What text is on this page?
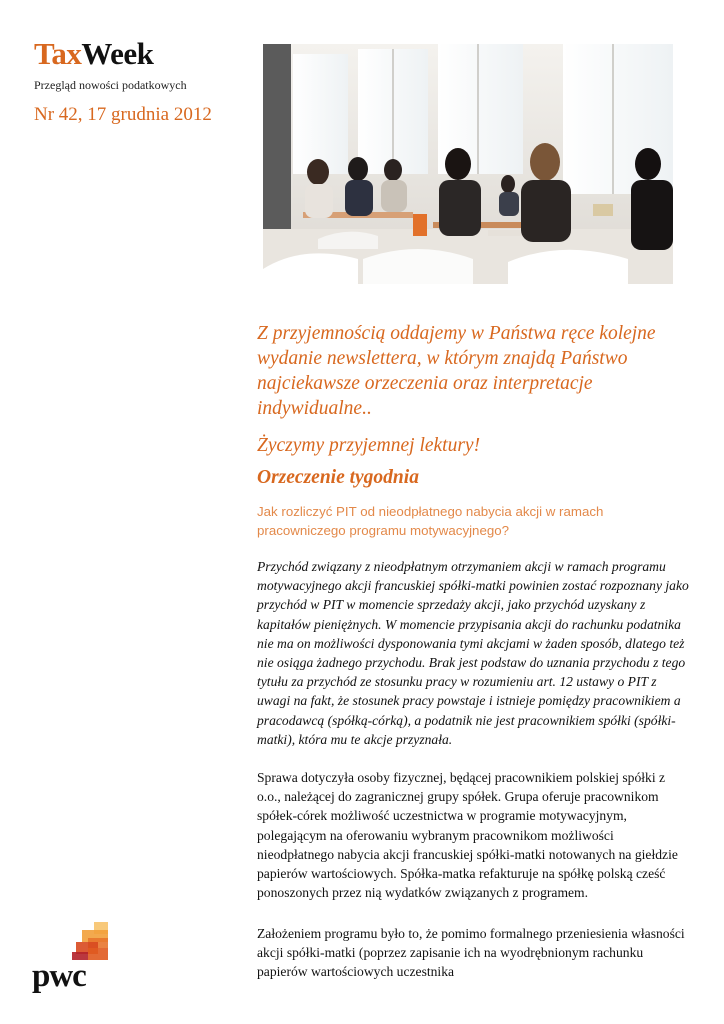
TaxWeek
Przegląd nowości podatkowych
Nr 42, 17 grudnia 2012

Z przyjemnością oddajemy w Państwa ręce kolejne wydanie newslettera, w którym znajdą Państwo najciekawsze orzeczenia oraz interpretacje indywidualne..

Życzymy przyjemnej lektury!

Orzeczenie tygodnia
Jak rozliczyć PIT od nieodpłatnego nabycia akcji w ramach pracowniczego programu motywacyjnego?

Przychód związany z nieodpłatnym otrzymaniem akcji w ramach programu motywacyjnego akcji francuskiej spółki-matki powinien zostać rozpoznany jako przychód w PIT w momencie sprzedaży akcji, jako przychód uzyskany z kapitałów pieniężnych. W momencie przypisania akcji do rachunku podatnika nie ma on możliwości dysponowania tymi akcjami w żaden sposób, dlatego też nie osiąga żadnego przychodu. Brak jest podstaw do uznania przychodu z tego tytułu za przychód ze stosunku pracy w rozumieniu art. 12 ustawy o PIT z uwagi na fakt, że stosunek pracy powstaje i istnieje pomiędzy pracownikiem a pracodawcą (spółką-córką), a podatnik nie jest pracownikiem spółki (spółki-matki), która mu te akcje przyznała.

Sprawa dotyczyła osoby fizycznej, będącej pracownikiem polskiej spółki z o.o., należącej do zagranicznej grupy spółek. Grupa oferuje pracownikom spółek-córek możliwość uczestnictwa w programie motywacyjnym, polegającym na oferowaniu wybranym pracownikom możliwości nieodpłatnego nabycia akcji francuskiej spółki-matki notowanych na giełdzie papierów wartościowych. Spółka-matka refakturuje na spółkę polską cześć ponoszonych przez nią wydatków związanych z programem.

Założeniem programu było to, że pomimo formalnego przeniesienia własności akcji spółki-matki (poprzez zapisanie ich na wyodrębnionym rachunku papierów wartościowych uczestnika

pwc
